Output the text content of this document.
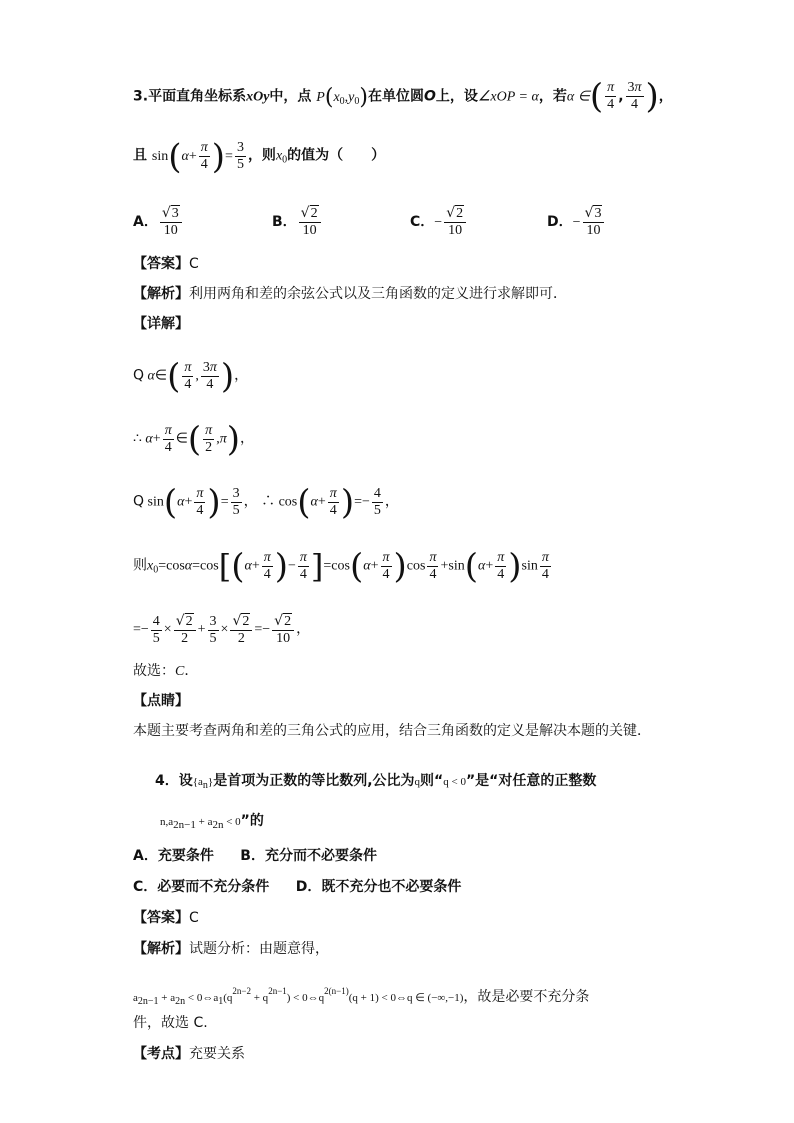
3.平面直角坐标系xOy中，点 $P(x_0,y_0)$在单位圆O上，设∠xOP = α，若α ∈( $\frac{\pi}{4}$ , $\frac{3\pi}{4}$ )，
且 $\sin(\alpha+ \frac{\pi}{4}$ )= $\frac{3}{5}$ ，则$x_0$的值为（　　）
A． $\frac{√3}{10}$	B． $\frac{√2}{10}$	C．− $\frac{√2}{10}$	D．− $\frac{√3}{10}$
【答案】C
【解析】利用两角和差的余弦公式以及三角函数的定义进行求解即可．
【详解】
Q α∈( $\frac{\pi}{4}$ , $\frac{3\pi}{4}$ )，
∴ $\alpha+ \frac{\pi}{4}$ ∈( $\frac{\pi}{2} ,\pi$)，
Q $\sin(\alpha+ \frac{\pi}{4}$ )= $\frac{3}{5}$ ， ∴ $\cos(\alpha+ \frac{\pi}{4}$ )=− $\frac{4}{5}$ ，
则$x_0=\cos\alpha=\cos[(\alpha+ \frac{\pi}{4}$ )− $\frac{\pi}{4} ]=\cos(\alpha+ \frac{\pi}{4} )\cos \frac{\pi}{4} +\sin(\alpha+ \frac{\pi}{4} )\sin \frac{\pi}{4}$
=− $\frac{4}{5} \times \frac{√2}{2} + \frac{3}{5} \times \frac{√2}{2} =- \frac{√2}{10}$ ，
故选：C．
【点睛】
本题主要考查两角和差的三角公式的应用，结合三角函数的定义是解决本题的关键．
4．设{an}是首项为正数的等比数列,公比为q则“q < 0”是“对任意的正整数
$n,a_{2n-1} + a_{2n} < 0$”的
A．充要条件 B．充分而不必要条件
C．必要而不充分条件 D．既不充分也不必要条件
【答案】C
【解析】试题分析：由题意得，
$a2n-1 + a2n < 0\Leftrightarrow a1(q^{2n-2} + q^{2n-1})$ < $0\Leftrightarrow q^{2(n-1)}(q + 1)$ < 0⇔q ∈ (−∞,−1)，故是必要不充分条
件，故选 C.
【考点】充要关系
